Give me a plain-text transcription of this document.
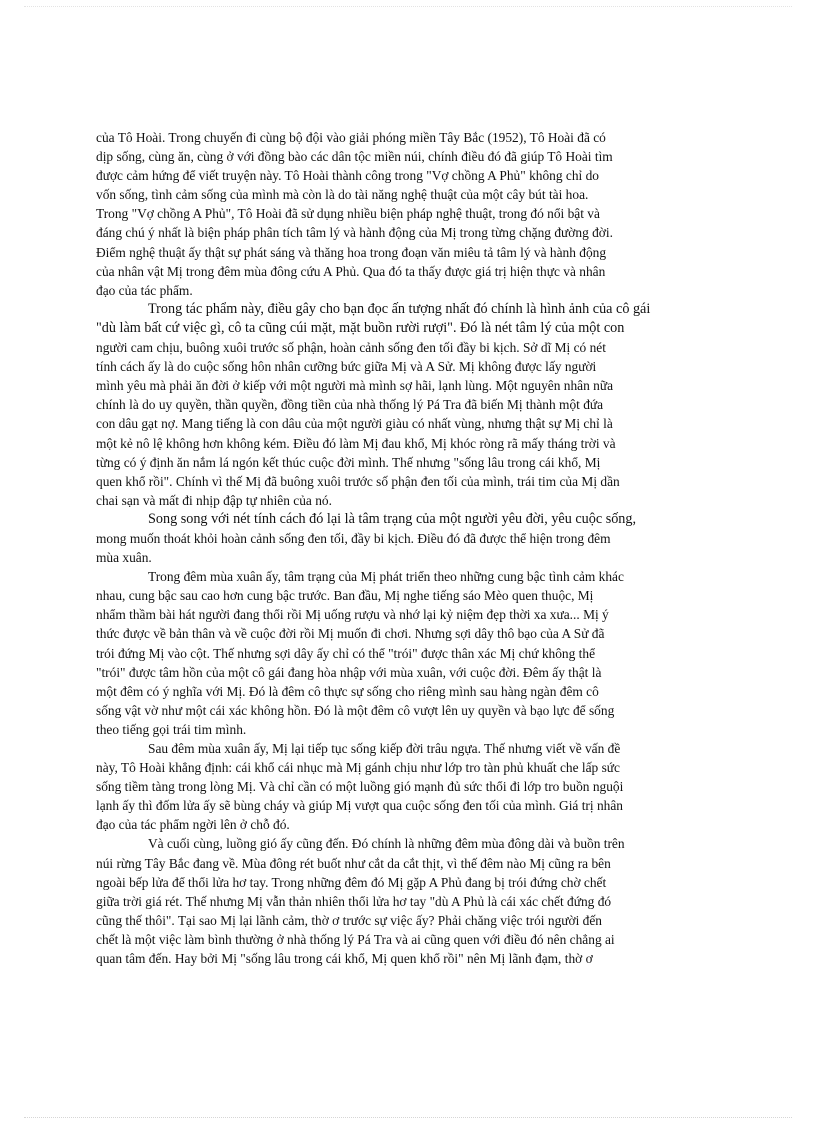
của Tô Hoài. Trong chuyến đi cùng bộ đội vào giải phóng miền Tây Bắc (1952), Tô Hoài đã có
dịp sống, cùng ăn, cùng ở với đồng bào các dân tộc miền núi, chính điều đó đã giúp Tô Hoài tìm
được cảm hứng để viết truyện này. Tô Hoài thành công trong "Vợ chồng A Phủ" không chỉ do
vốn sống, tình cảm sống của mình mà còn là do tài năng nghệ thuật của một cây bút tài hoa.
Trong "Vợ chồng A Phủ", Tô Hoài đã sử dụng nhiều biện pháp nghệ thuật, trong đó nổi bật và
đáng chú ý nhất là biện pháp phân tích tâm lý và hành động của Mị trong từng chặng đường đời.
Điểm nghệ thuật ấy thật sự phát sáng và thăng hoa trong đoạn văn miêu tả tâm lý và hành động
của nhân vật Mị trong đêm mùa đông cứu A Phủ. Qua đó ta thấy được giá trị hiện thực và nhân
đạo của tác phẩm.
Trong tác phẩm này, điều gây cho bạn đọc ấn tượng nhất đó chính là hình ảnh của cô gái
"dù làm bất cứ việc gì, cô ta cũng cúi mặt, mặt buồn rười rượi". Đó là nét tâm lý của một con
người cam chịu, buông xuôi trước số phận, hoàn cảnh sống đen tối đầy bi kịch. Sở dĩ Mị có nét
tính cách ấy là do cuộc sống hôn nhân cưỡng bức giữa Mị và A Sử. Mị không được lấy người
mình yêu mà phải ăn đời ở kiếp với một người mà mình sợ hãi, lạnh lùng. Một nguyên nhân nữa
chính là do uy quyền, thần quyền, đồng tiền của nhà thống lý Pá Tra đã biến Mị thành một đứa
con dâu gạt nợ. Mang tiếng là con dâu của một người giàu có nhất vùng, nhưng thật sự Mị chỉ là
một kẻ nô lệ không hơn không kém. Điều đó làm Mị đau khổ, Mị khóc ròng rã mấy tháng trời và
từng có ý định ăn nắm lá ngón kết thúc cuộc đời mình. Thế nhưng "sống lâu trong cái khổ, Mị
quen khổ rồi". Chính vì thế Mị đã buông xuôi trước số phận đen tối của mình, trái tim của Mị dần
chai sạn và mất đi nhịp đập tự nhiên của nó.
Song song với nét tính cách đó lại là tâm trạng của một người yêu đời, yêu cuộc sống,
mong muốn thoát khỏi hoàn cảnh sống đen tối, đầy bi kịch. Điều đó đã được thể hiện trong đêm
mùa xuân.
Trong đêm mùa xuân ấy, tâm trạng của Mị phát triển theo những cung bậc tình cảm khác
nhau, cung bậc sau cao hơn cung bậc trước. Ban đầu, Mị nghe tiếng sáo Mèo quen thuộc, Mị
nhẩm thầm bài hát người đang thổi rồi Mị uống rượu và nhớ lại kỷ niệm đẹp thời xa xưa... Mị ý
thức được về bản thân và về cuộc đời rồi Mị muốn đi chơi. Nhưng sợi dây thô bạo của A Sử đã
trói đứng Mị vào cột. Thế nhưng sợi dây ấy chỉ có thể "trói" được thân xác Mị chứ không thể
"trói" được tâm hồn của một cô gái đang hòa nhập với mùa xuân, với cuộc đời. Đêm ấy thật là
một đêm có ý nghĩa với Mị. Đó là đêm cô thực sự sống cho riêng mình sau hàng ngàn đêm cô
sống vật vờ như một cái xác không hồn. Đó là một đêm cô vượt lên uy quyền và bạo lực để sống
theo tiếng gọi trái tim mình.
Sau đêm mùa xuân ấy, Mị lại tiếp tục sống kiếp đời trâu ngựa. Thế nhưng viết về vấn đề
này, Tô Hoài khẳng định: cái khổ cái nhục mà Mị gánh chịu như lớp tro tàn phủ khuất che lấp sức
sống tiềm tàng trong lòng Mị. Và chỉ cần có một luồng gió mạnh đủ sức thổi đi lớp tro buồn nguội
lạnh ấy thì đốm lửa ấy sẽ bùng cháy và giúp Mị vượt qua cuộc sống đen tối của mình. Giá trị nhân
đạo của tác phẩm ngời lên ở chỗ đó.
Và cuối cùng, luồng gió ấy cũng đến. Đó chính là những đêm mùa đông dài và buồn trên
núi rừng Tây Bắc đang về. Mùa đông rét buốt như cắt da cắt thịt, vì thế đêm nào Mị cũng ra bên
ngoài bếp lửa để thổi lửa hơ tay. Trong những đêm đó Mị gặp A Phủ đang bị trói đứng chờ chết
giữa trời giá rét. Thế nhưng Mị vẫn thản nhiên thổi lửa hơ tay "dù A Phủ là cái xác chết đứng đó
cũng thế thôi". Tại sao Mị lại lãnh cảm, thờ ơ trước sự việc ấy? Phải chăng việc trói người đến
chết là một việc làm bình thường ở nhà thống lý Pá Tra và ai cũng quen với điều đó nên chẳng ai
quan tâm đến. Hay bởi Mị "sống lâu trong cái khổ, Mị quen khổ rồi" nên Mị lãnh đạm, thờ ơ
